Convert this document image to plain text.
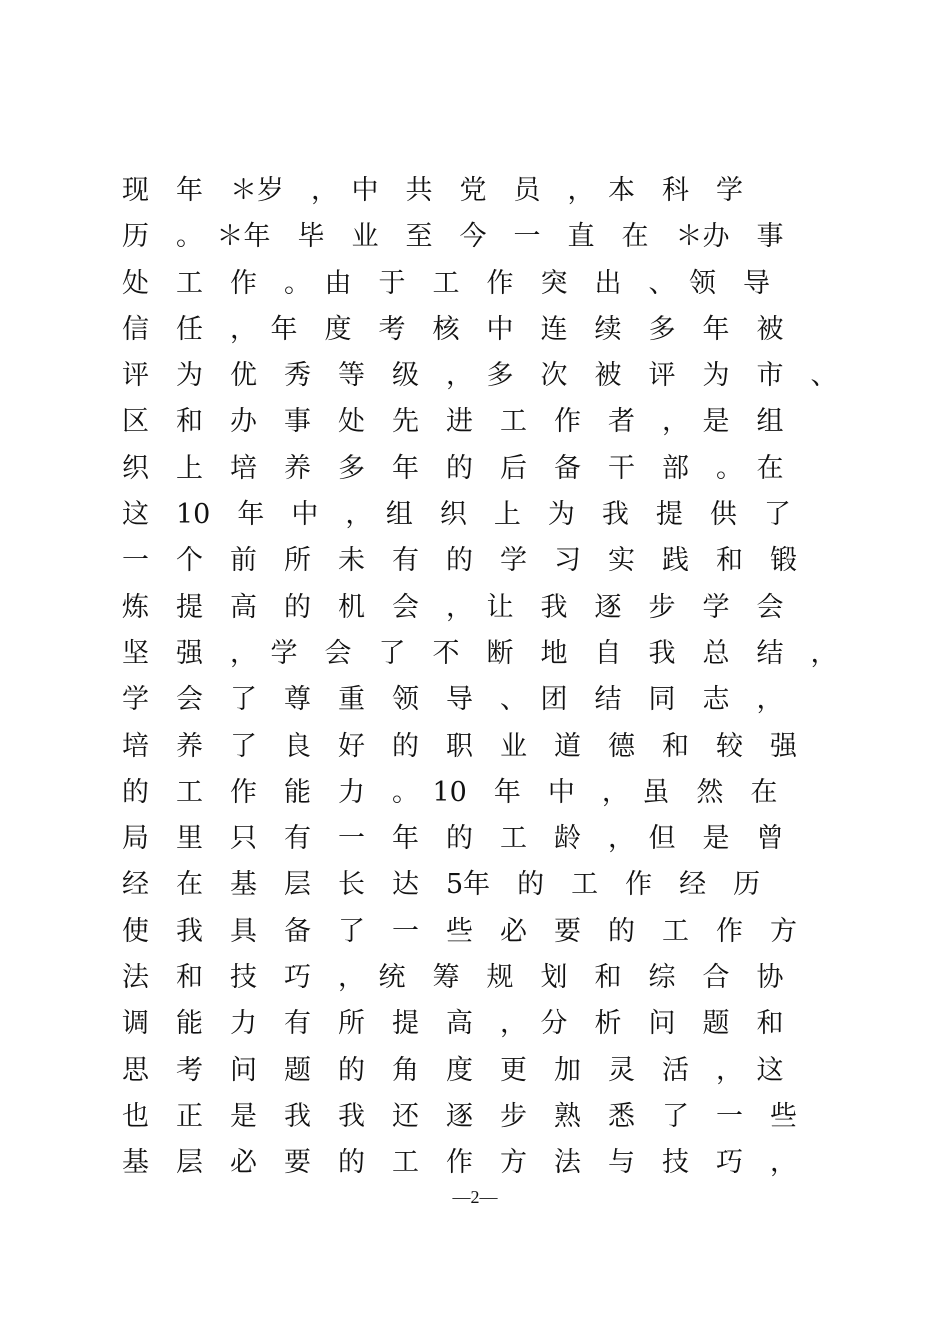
现　年　＊岁　，　中　共　党　员　，　本　科　学
历　。　＊年　毕　业　至　今　一　直　在　＊办　事
处　工　作　。　由　于　工　作　突　出　、　领　导
信　任　，　年　度　考　核　中　连　续　多　年　被
评　为　优　秀　等　级　，　多　次　被　评　为　市　、
区　和　办　事　处　先　进　工　作　者　，　是　组
织　上　培　养　多　年　的　后　备　干　部　。　在
这　10　年　中　，　组　织　上　为　我　提　供　了
一　个　前　所　未　有　的　学　习　实　践　和　锻
炼　提　高　的　机　会　，　让　我　逐　步　学　会
坚　强　，　学　会　了　不　断　地　自　我　总　结　，
学　会　了　尊　重　领　导　、　团　结　同　志　，
培　养　了　良　好　的　职　业　道　德　和　较　强
的　工　作　能　力　。　10　年　中　，　虽　然　在
局　里　只　有　一　年　的　工　龄　，　但　是　曾
经　在　基　层　长　达　5年　的　工　作　经　历
使　我　具　备　了　一　些　必　要　的　工　作　方
法　和　技　巧　，　统　筹　规　划　和　综　合　协
调　能　力　有　所　提　高　，　分　析　问　题　和
思　考　问　题　的　角　度　更　加　灵　活　，　这
也　正　是　我　我　还　逐　步　熟　悉　了　一　些
基　层　必　要　的　工　作　方　法　与　技　巧　，
—2—
